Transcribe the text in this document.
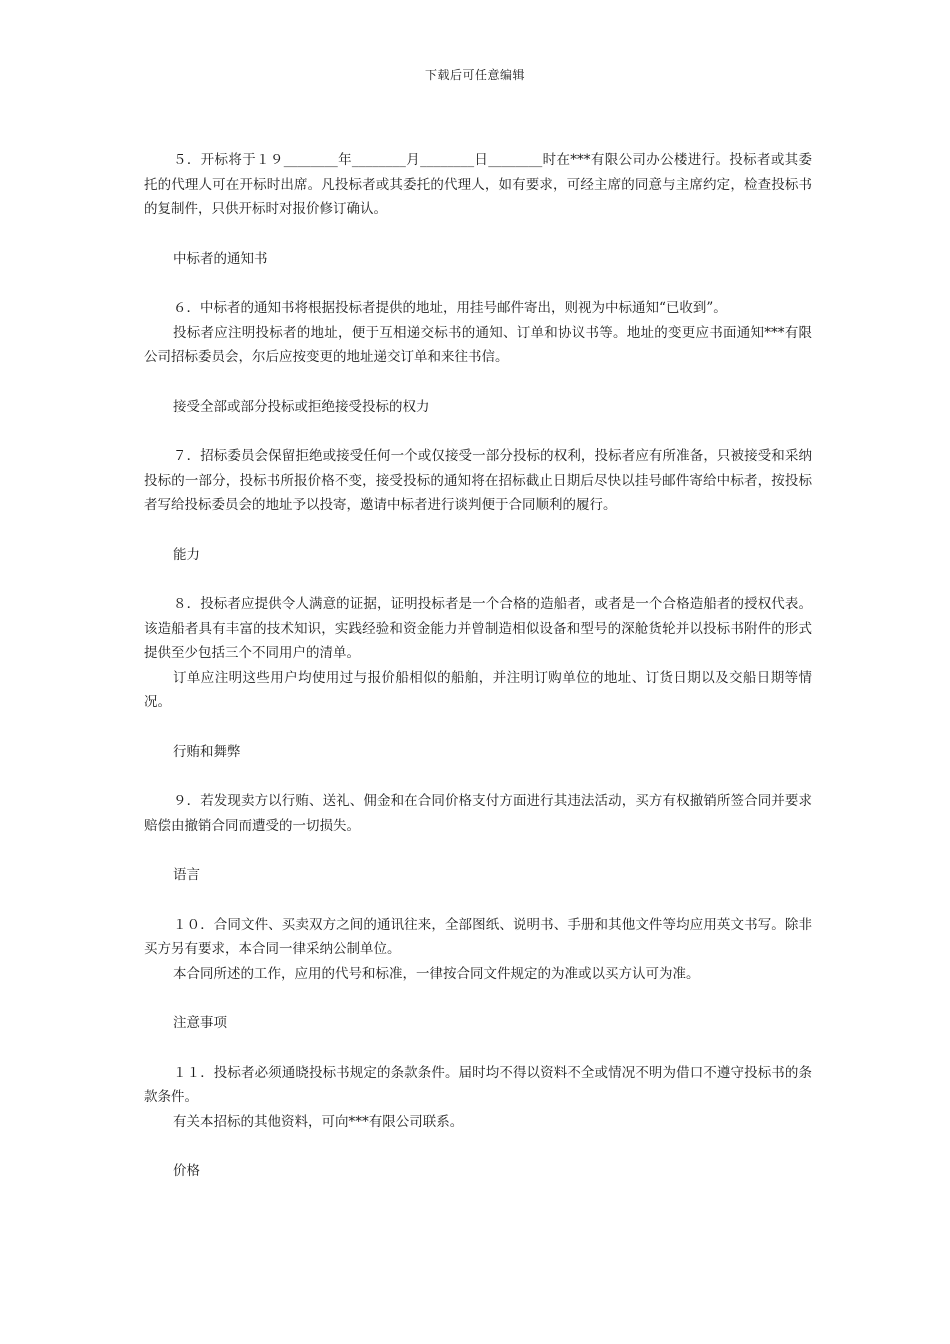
下载后可任意编辑

５．开标将于１９________年________月________日________时在***有限公司办公楼进行。投标者或其委托的代理人可在开标时出席。凡投标者或其委托的代理人，如有要求，可经主席的同意与主席约定，检查投标书的复制件，只供开标时对报价修订确认。

中标者的通知书

６．中标者的通知书将根据投标者提供的地址，用挂号邮件寄出，则视为中标通知“已收到”。

投标者应注明投标者的地址，便于互相递交标书的通知、订单和协议书等。地址的变更应书面通知***有限公司招标委员会，尔后应按变更的地址递交订单和来往书信。

接受全部或部分投标或拒绝接受投标的权力

７．招标委员会保留拒绝或接受任何一个或仅接受一部分投标的权利，投标者应有所准备，只被接受和采纳投标的一部分，投标书所报价格不变，接受投标的通知将在招标截止日期后尽快以挂号邮件寄给中标者，按投标者写给投标委员会的地址予以投寄，邀请中标者进行谈判便于合同顺利的履行。

能力

８．投标者应提供令人满意的证据，证明投标者是一个合格的造船者，或者是一个合格造船者的授权代表。该造船者具有丰富的技术知识，实践经验和资金能力并曾制造相似设备和型号的深舱货轮并以投标书附件的形式提供至少包括三个不同用户的清单。

订单应注明这些用户均使用过与报价船相似的船舶，并注明订购单位的地址、订货日期以及交船日期等情况。

行贿和舞弊

９．若发现卖方以行贿、送礼、佣金和在合同价格支付方面进行其违法活动，买方有权撤销所签合同并要求赔偿由撤销合同而遭受的一切损失。

语言

１０．合同文件、买卖双方之间的通讯往来，全部图纸、说明书、手册和其他文件等均应用英文书写。除非买方另有要求，本合同一律采纳公制单位。

本合同所述的工作，应用的代号和标准，一律按合同文件规定的为准或以买方认可为准。

注意事项

１１．投标者必须通晓投标书规定的条款条件。届时均不得以资料不全或情况不明为借口不遵守投标书的条款条件。

有关本招标的其他资料，可向***有限公司联系。

价格
